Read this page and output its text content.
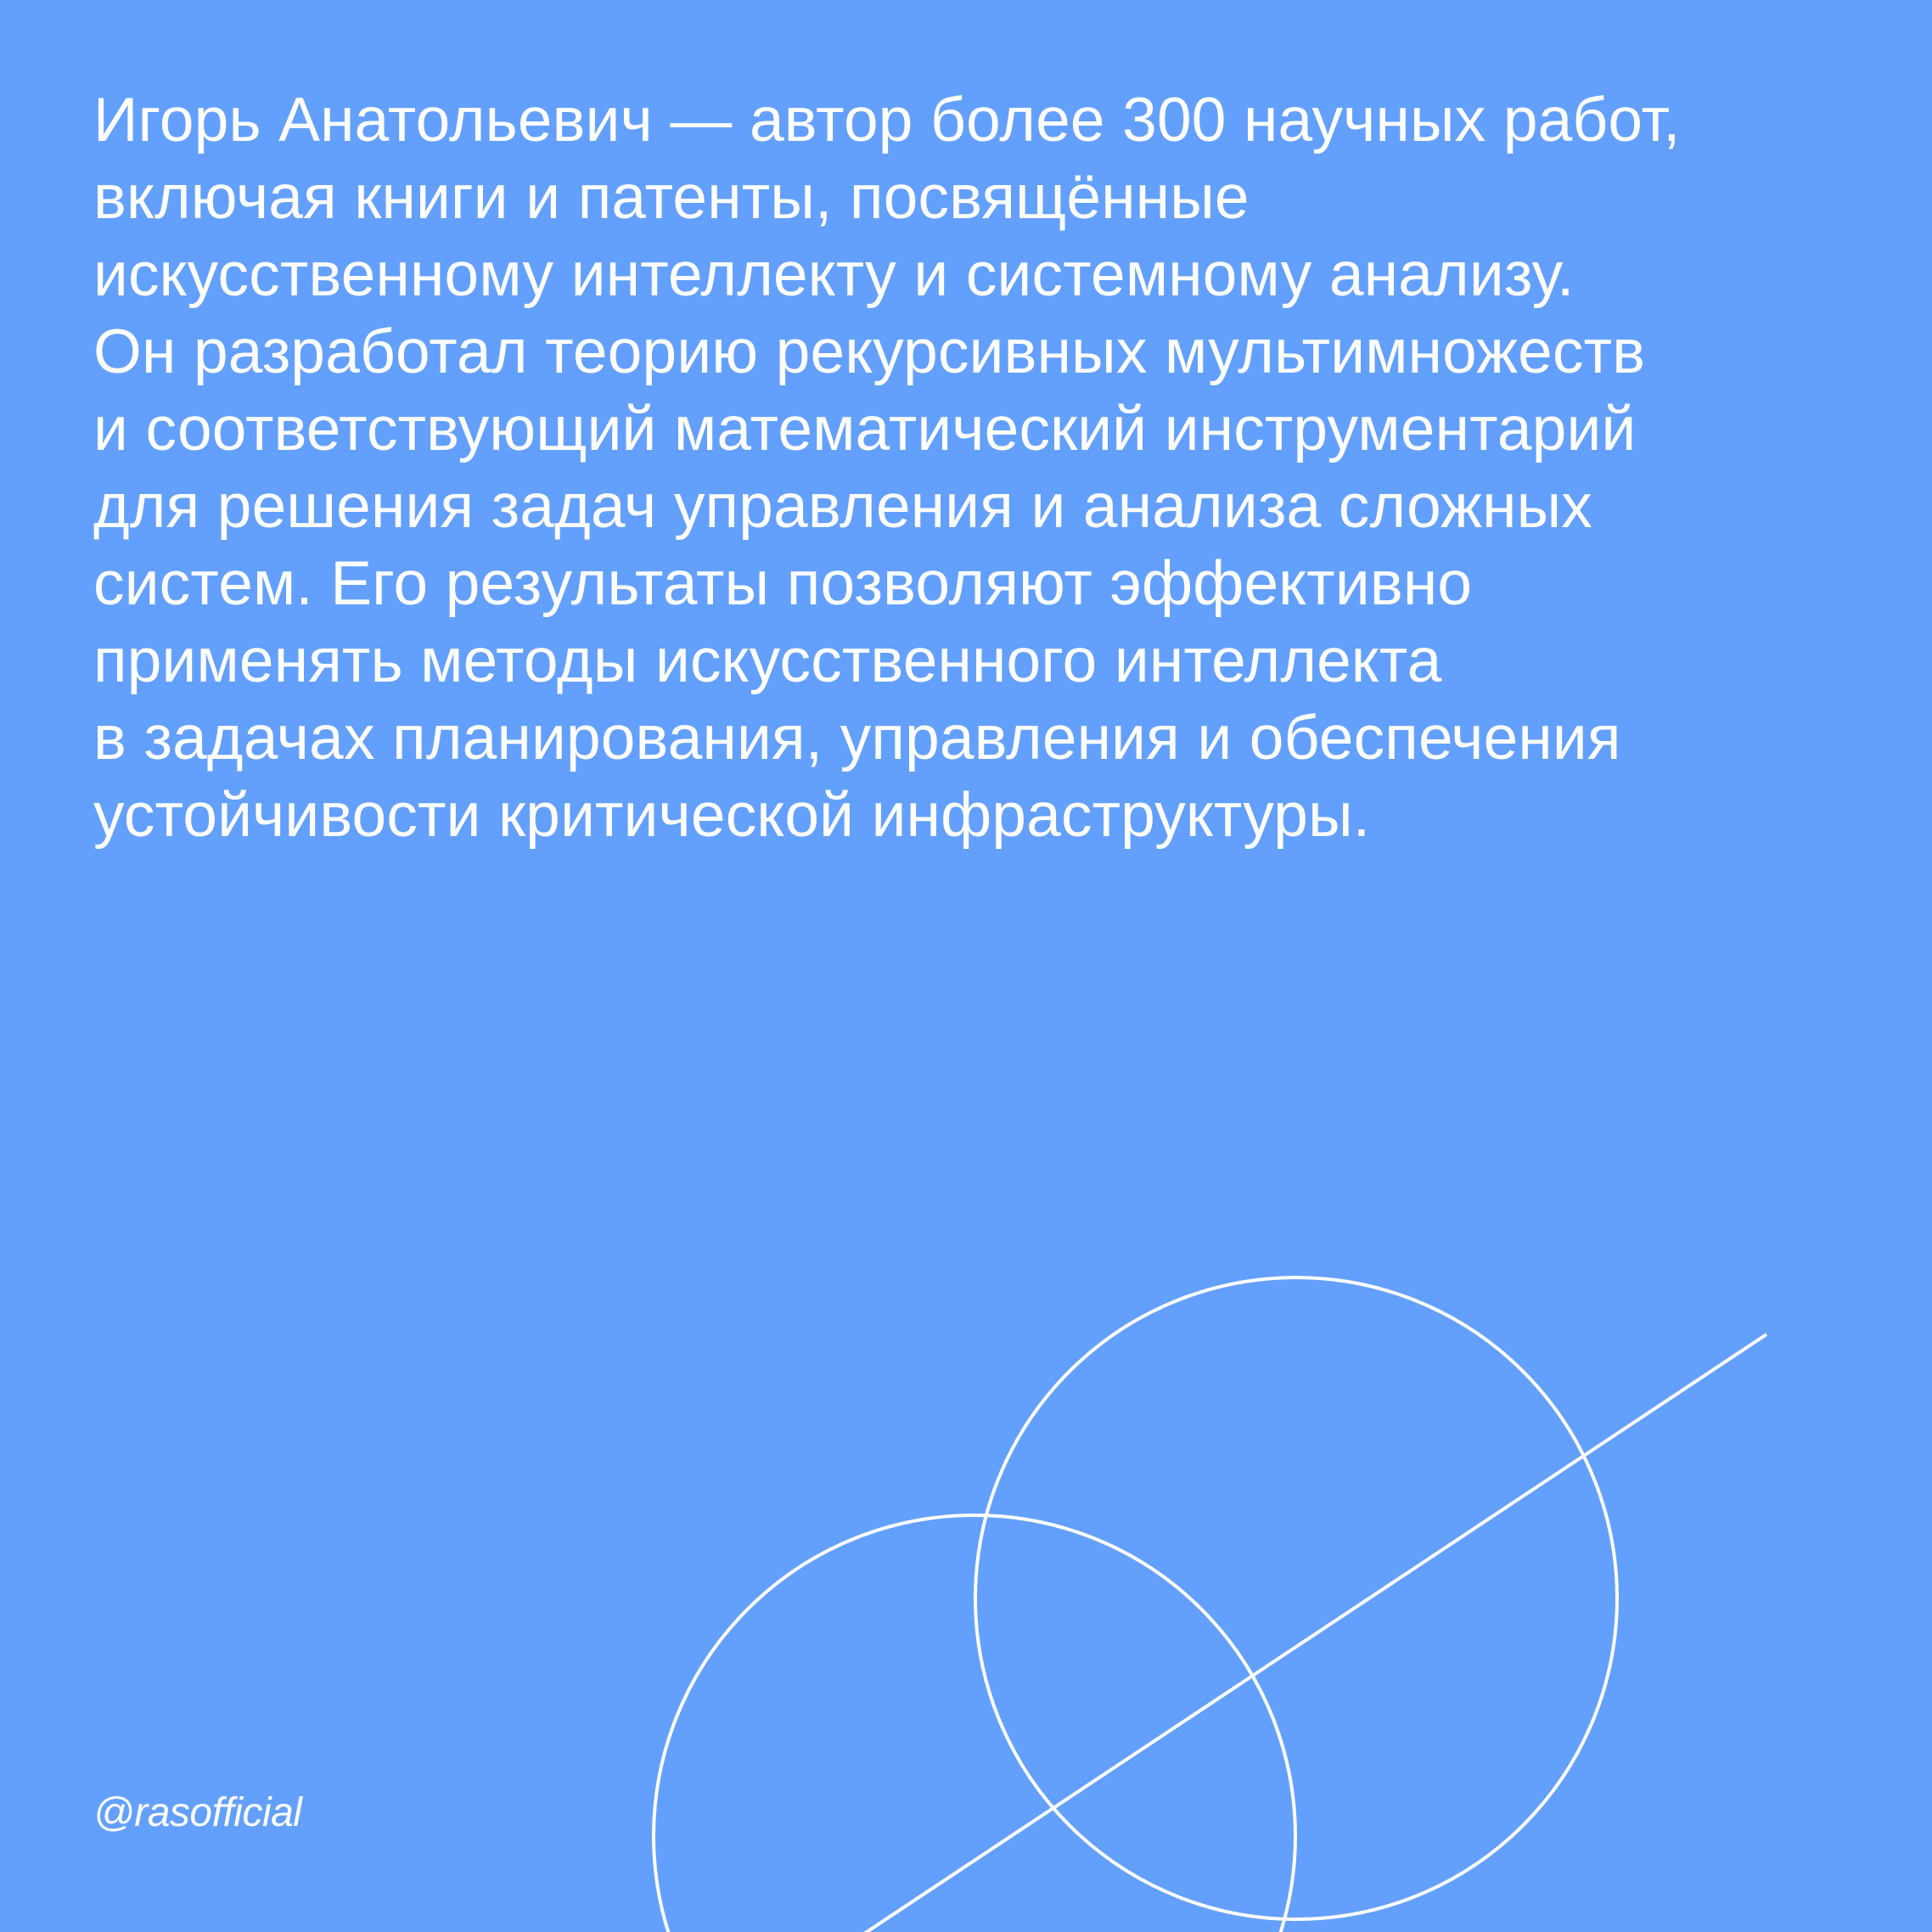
Игорь Анатольевич — автор более 300 научных работ,
включая книги и патенты, посвящённые
искусственному интеллекту и системному анализу.
Он разработал теорию рекурсивных мультимножеств
и соответствующий математический инструментарий
для решения задач управления и анализа сложных
систем. Его результаты позволяют эффективно
применять методы искусственного интеллекта
в задачах планирования, управления и обеспечения
устойчивости критической инфраструктуры.

@rasofficial
